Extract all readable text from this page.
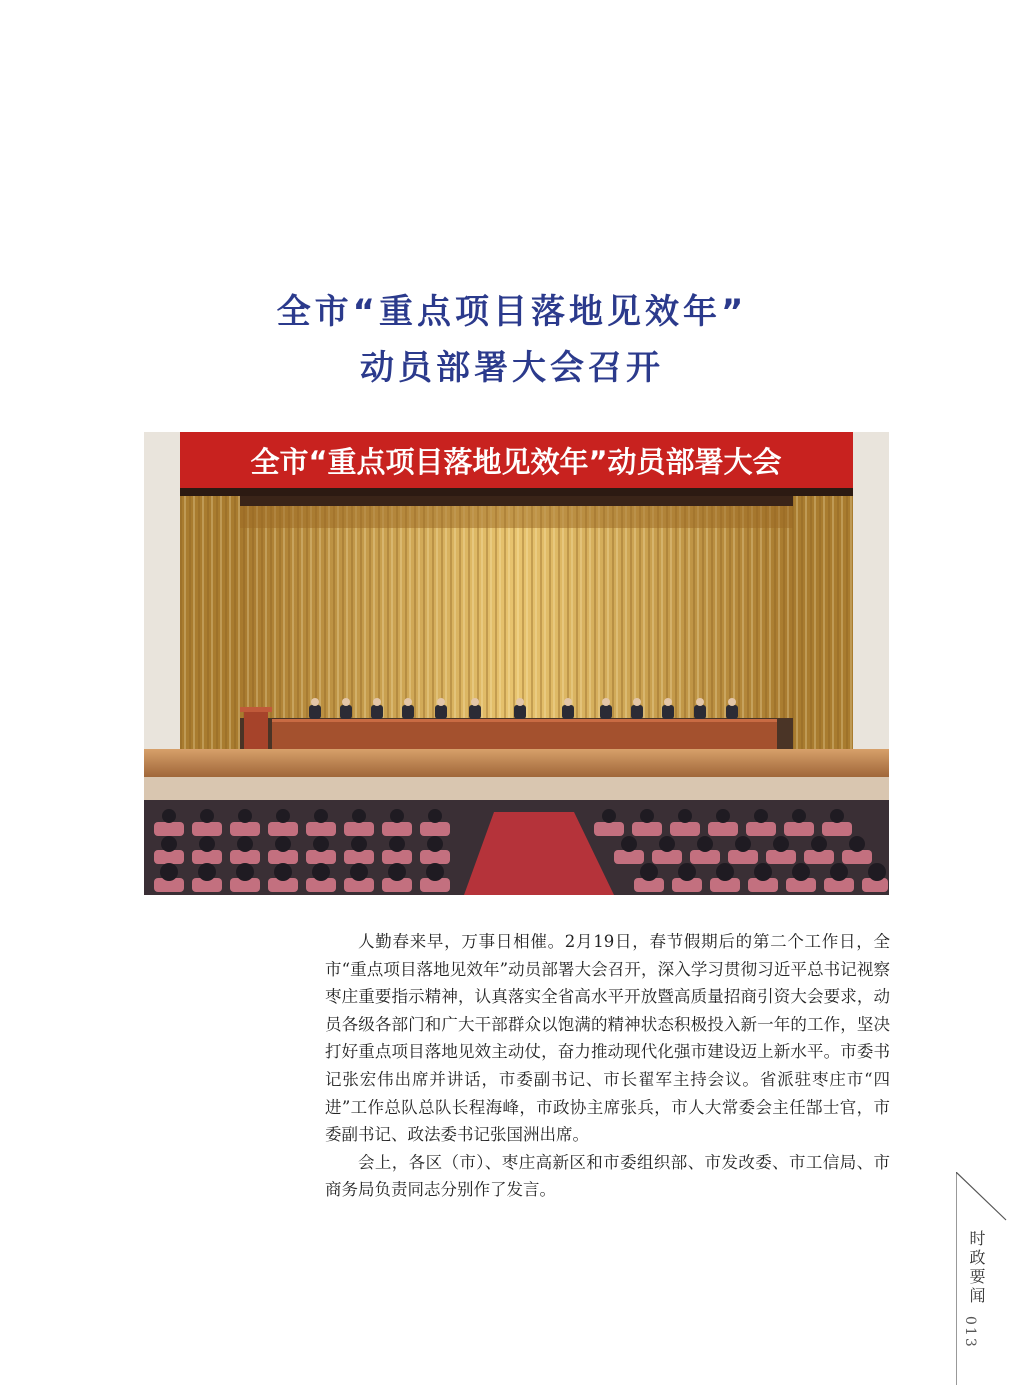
全市“重点项目落地见效年”
动员部署大会召开
全市“重点项目落地见效年”动员部署大会

人勤春来早，万事日相催。2月19日，春节假期后的第二个工作日，全市“重点项目落地见效年”动员部署大会召开，深入学习贯彻习近平总书记视察枣庄重要指示精神，认真落实全省高水平开放暨高质量招商引资大会要求，动员各级各部门和广大干部群众以饱满的精神状态积极投入新一年的工作，坚决打好重点项目落地见效主动仗，奋力推动现代化强市建设迈上新水平。市委书记张宏伟出席并讲话，市委副书记、市长翟军主持会议。省派驻枣庄市“四进”工作总队总队长程海峰，市政协主席张兵，市人大常委会主任郜士官，市委副书记、政法委书记张国洲出席。

会上，各区（市）、枣庄高新区和市委组织部、市发改委、市工信局、市商务局负责同志分别作了发言。

时政要闻
013
